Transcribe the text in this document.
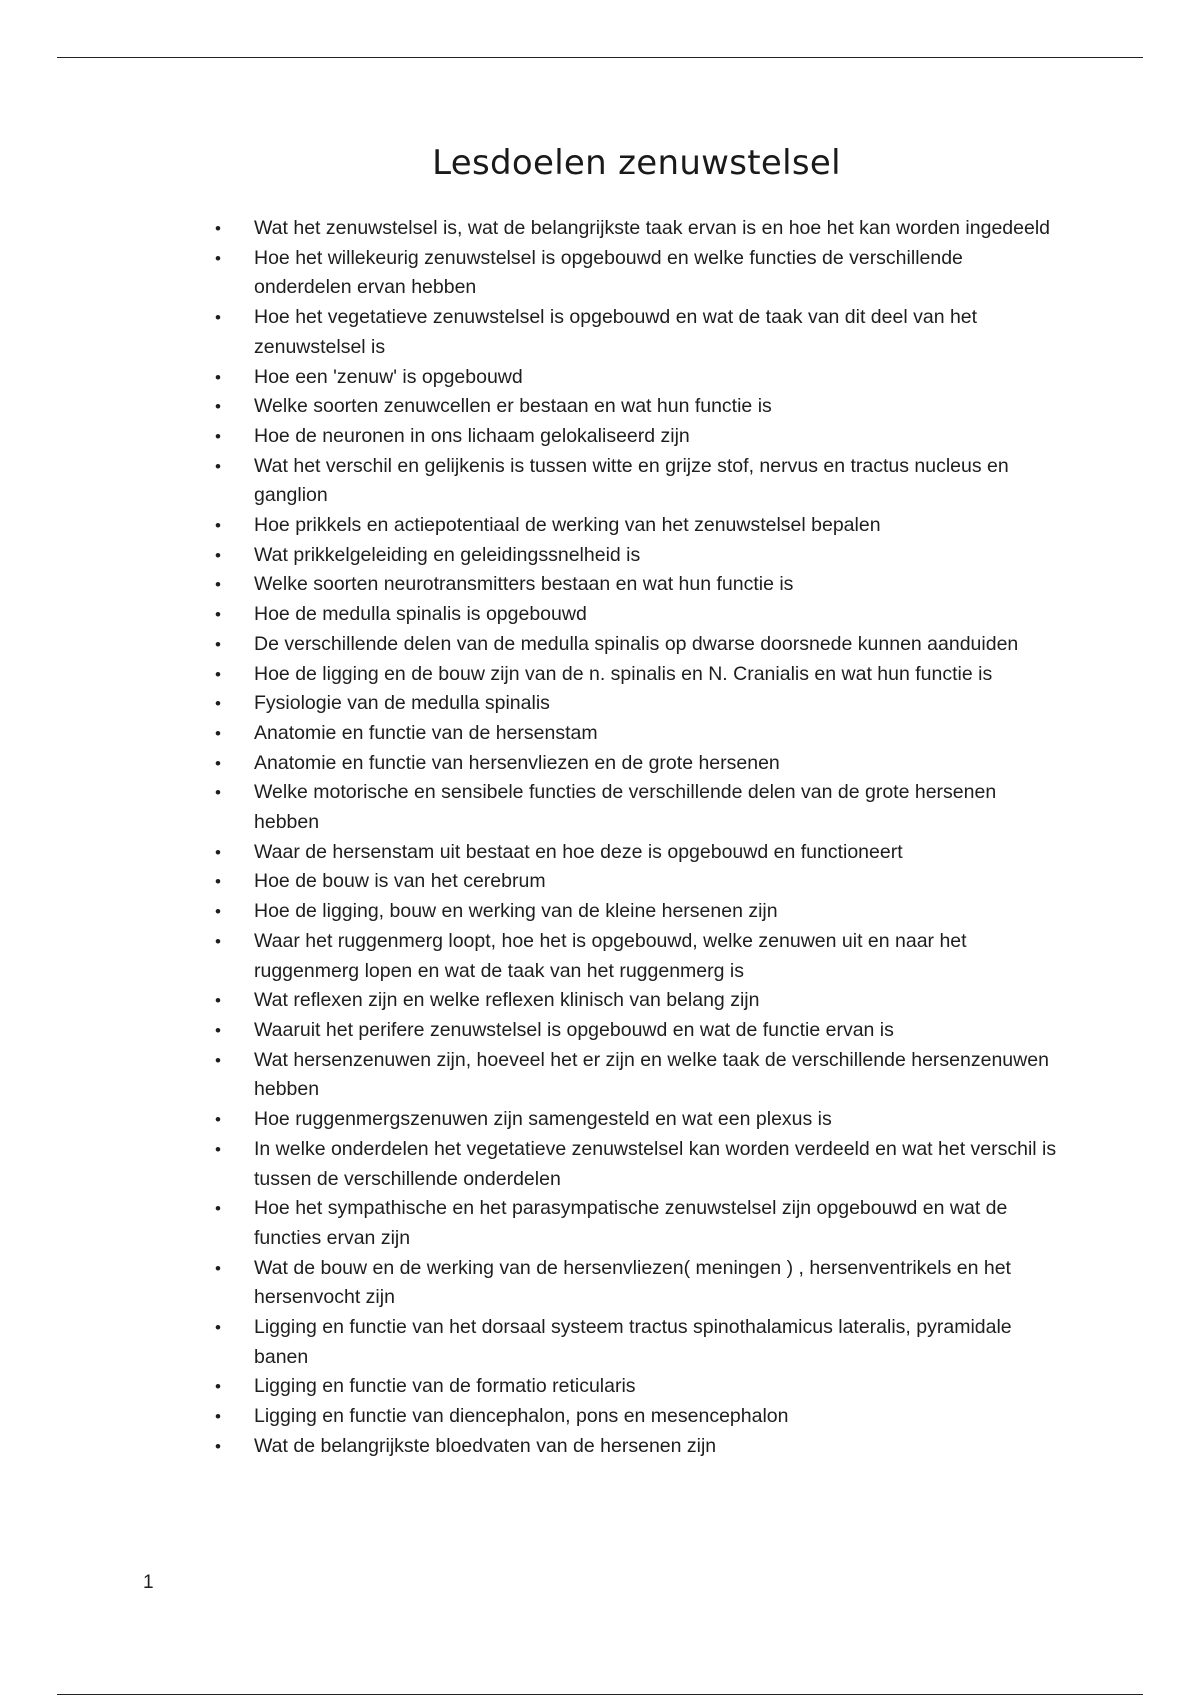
Lesdoelen zenuwstelsel
• Wat het zenuwstelsel is, wat de belangrijkste taak ervan is en hoe het kan worden ingedeeld
• Hoe het willekeurig zenuwstelsel is opgebouwd en welke functies de verschillende onderdelen ervan hebben
• Hoe het vegetatieve zenuwstelsel is opgebouwd en wat de taak van dit deel van het zenuwstelsel is
• Hoe een 'zenuw' is opgebouwd
• Welke soorten zenuwcellen er bestaan en wat hun functie is
• Hoe de neuronen in ons lichaam gelokaliseerd zijn
• Wat het verschil en gelijkenis is tussen witte en grijze stof, nervus en tractus nucleus en ganglion
• Hoe prikkels en actiepotentiaal de werking van het zenuwstelsel bepalen
• Wat prikkelgeleiding en geleidingssnelheid is
• Welke soorten neurotransmitters bestaan en wat hun functie is
• Hoe de medulla spinalis is opgebouwd
• De verschillende delen van de medulla spinalis op dwarse doorsnede kunnen aanduiden
• Hoe de ligging en de bouw zijn van de n. spinalis en N. Cranialis en wat hun functie is
• Fysiologie van de medulla spinalis
• Anatomie en functie van de hersenstam
• Anatomie en functie van hersenvliezen en de grote hersenen
• Welke motorische en sensibele functies de verschillende delen van de grote hersenen hebben
• Waar de hersenstam uit bestaat en hoe deze is opgebouwd en functioneert
• Hoe de bouw is van het cerebrum
• Hoe de ligging, bouw en werking van de kleine hersenen zijn
• Waar het ruggenmerg loopt, hoe het is opgebouwd, welke zenuwen uit en naar het ruggenmerg lopen en wat de taak van het ruggenmerg is
• Wat reflexen zijn en welke reflexen klinisch van belang zijn
• Waaruit het perifere zenuwstelsel is opgebouwd en wat de functie ervan is
• Wat hersenzenuwen zijn, hoeveel het er zijn en welke taak de verschillende hersenzenuwen hebben
• Hoe ruggenmergszenuwen zijn samengesteld en wat een plexus is
• In welke onderdelen het vegetatieve zenuwstelsel kan worden verdeeld en wat het verschil is tussen de verschillende onderdelen
• Hoe het sympathische en het parasympatische zenuwstelsel zijn opgebouwd en wat de functies ervan zijn
• Wat de bouw en de werking van de hersenvliezen( meningen ) , hersenventrikels en het hersenvocht zijn
• Ligging en functie van het dorsaal systeem tractus spinothalamicus lateralis, pyramidale banen
• Ligging en functie van de formatio reticularis
• Ligging en functie van diencephalon, pons en mesencephalon
• Wat de belangrijkste bloedvaten van de hersenen zijn
1
